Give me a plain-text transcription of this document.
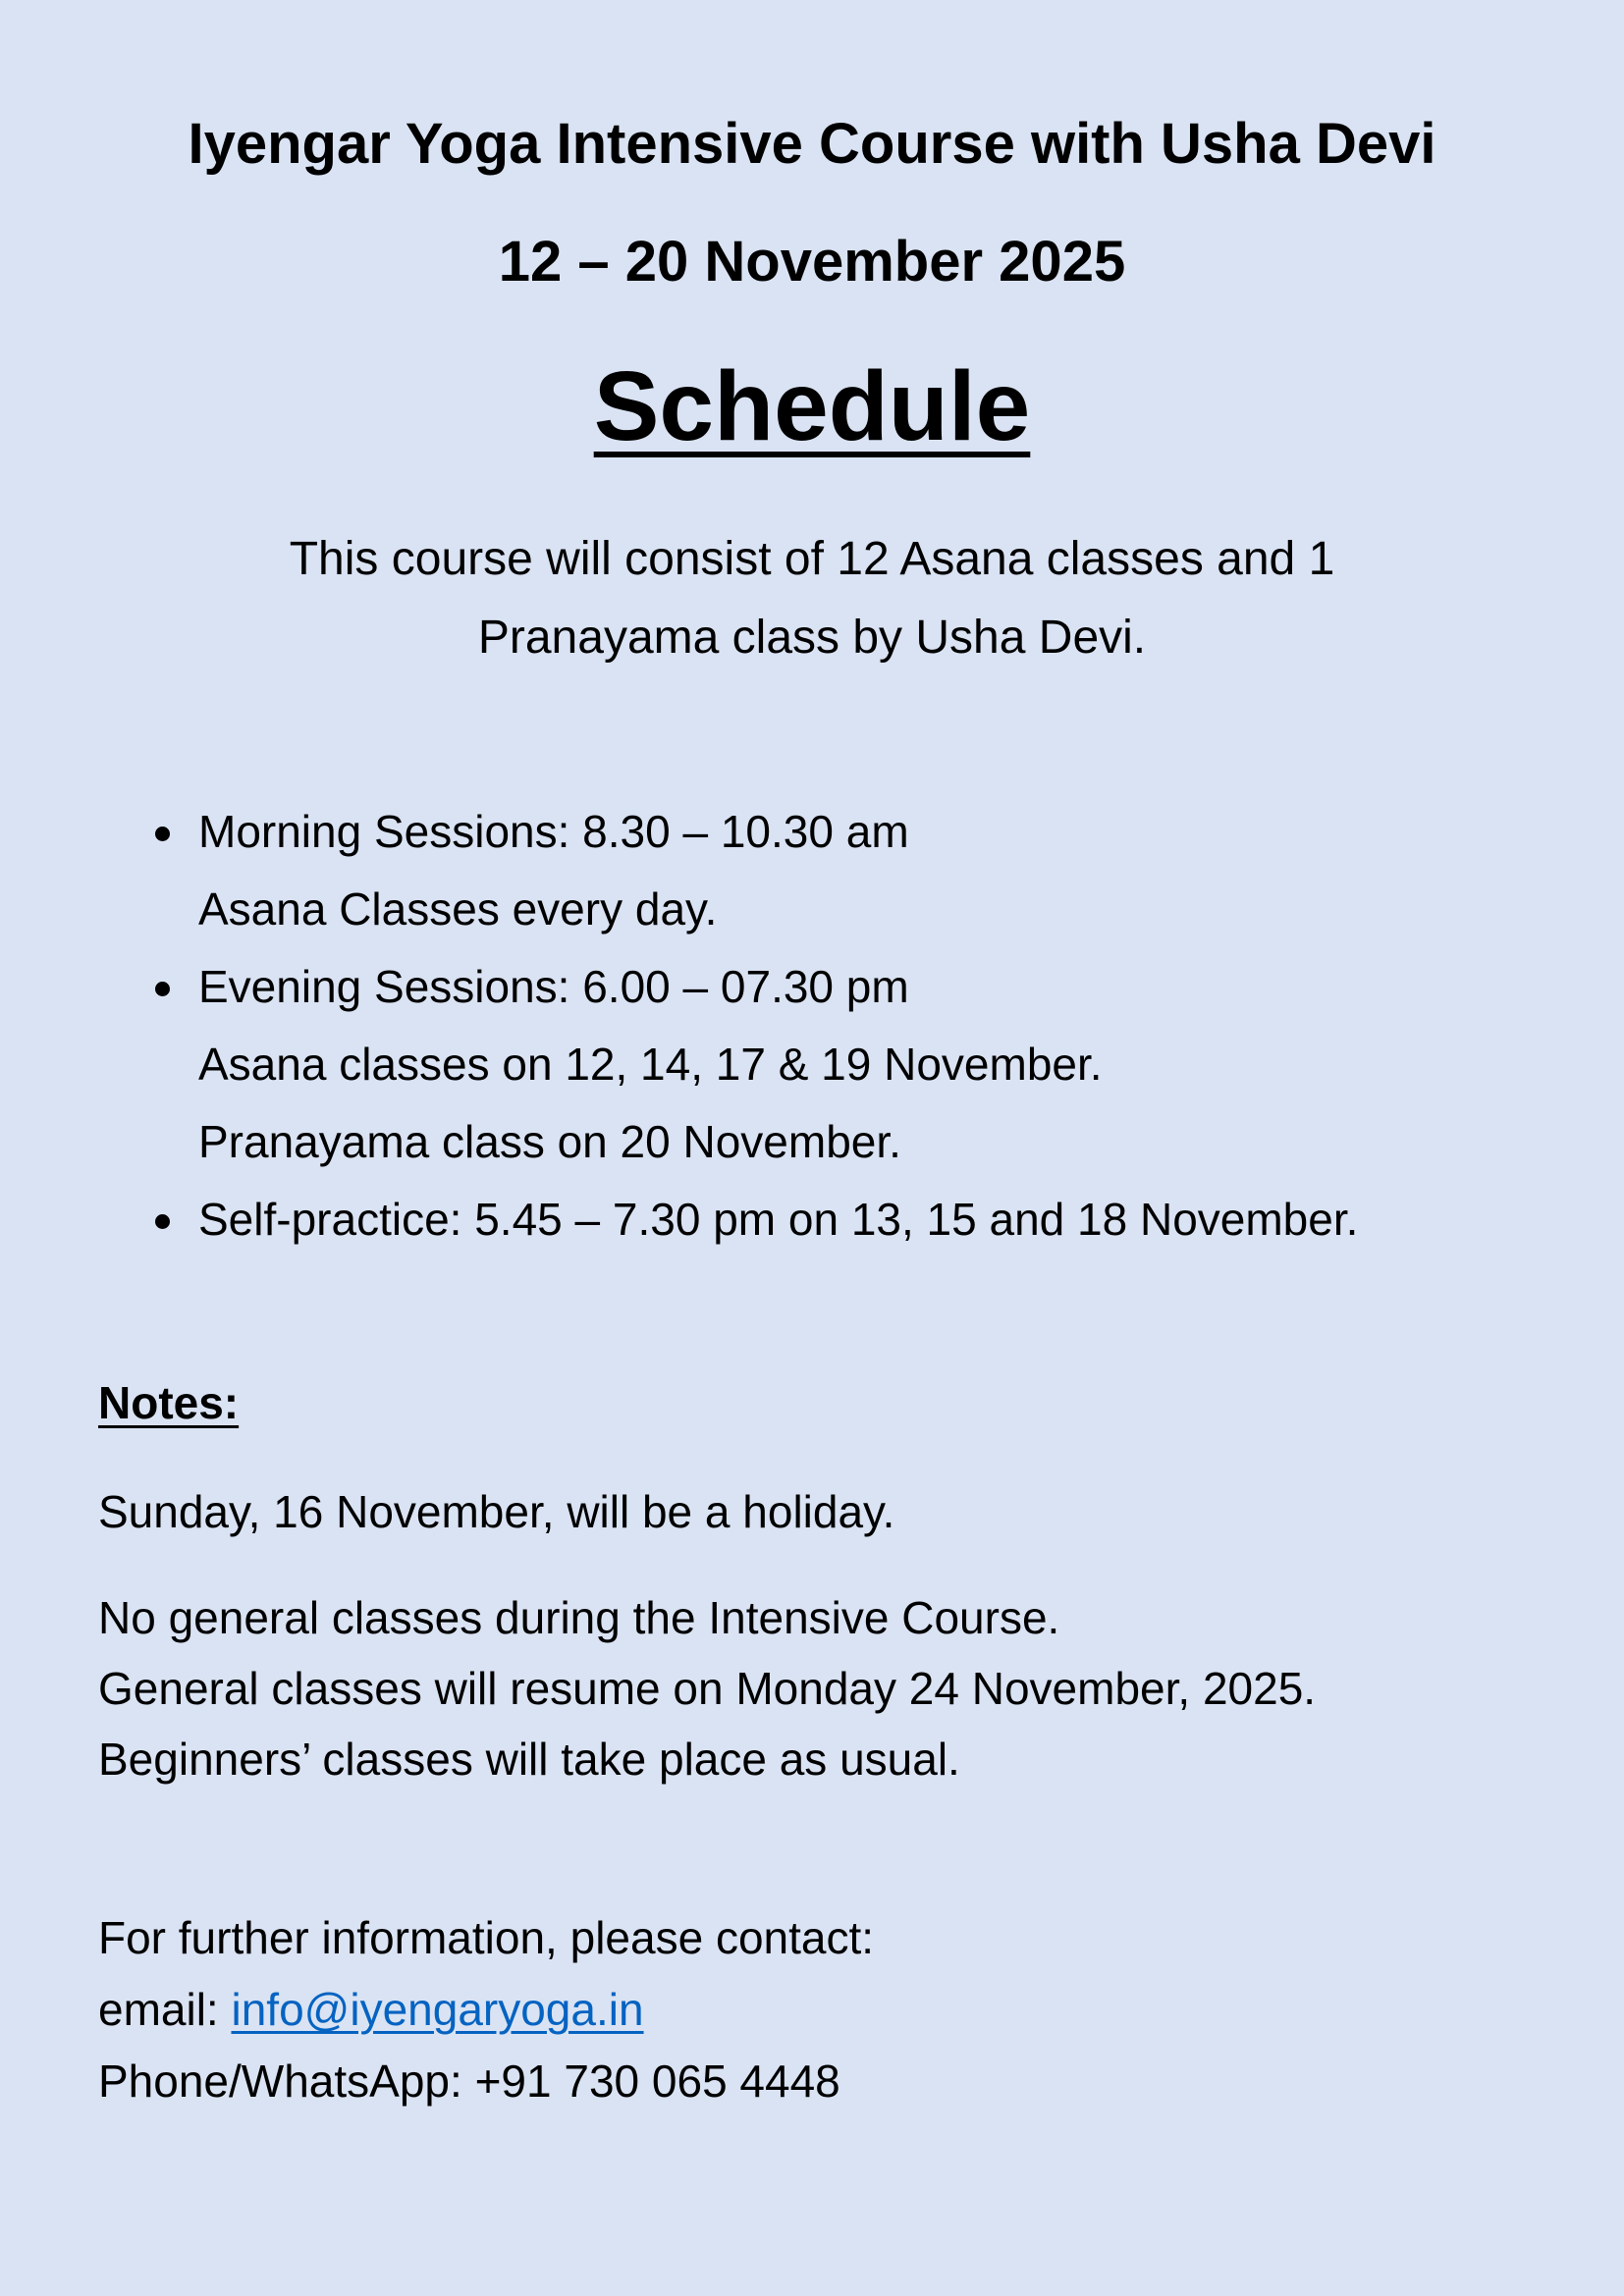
Iyengar Yoga Intensive Course with Usha Devi
12 – 20 November 2025
Schedule
This course will consist of 12 Asana classes and 1
Pranayama class by Usha Devi.
Morning Sessions: 8.30 – 10.30 am
Asana Classes every day.
Evening Sessions: 6.00 – 07.30 pm
Asana classes on 12, 14, 17 & 19 November.
Pranayama class on 20 November.
Self-practice: 5.45 – 7.30 pm on 13, 15 and 18 November.
Notes:
Sunday, 16 November, will be a holiday.
No general classes during the Intensive Course.
General classes will resume on Monday 24 November, 2025.
Beginners’ classes will take place as usual.
For further information, please contact:
email: info@iyengaryoga.in
Phone/WhatsApp: +91 730 065 4448
